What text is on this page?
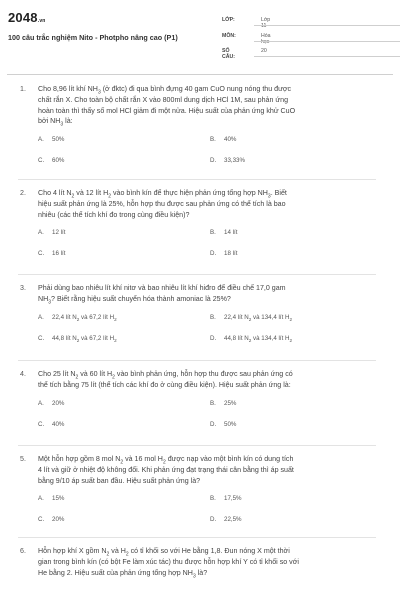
2048.vn
100 câu trắc nghiệm Nito - Photpho nâng cao (P1)
LỚP:	Lớp 11
MÔN:	Hóa học
SỐ CÂU:
20
1. Cho 8,96 lít khí $NH_3$ (ở đktc) đi qua bình đựng 40 gam CuO nung nóng thu được
chất rắn X. Cho toàn bộ chất rắn X vào 800ml dung dịch HCl 1M, sau phản ứng
hoàn toàn thì thấy số mol HCl giảm đi một nửa. Hiệu suất của phản ứng khử CuO
bởi $NH_3$ là:
A. 50%	B. 40%
C. 60%	D. 33,33%
2. Cho 4 lít $N_2$ và 12 lít $H_2$ vào bình kín để thực hiện phản ứng tổng hợp $NH_3$. Biết
hiệu suất phản ứng là 25%, hỗn hợp thu được sau phản ứng có thể tích là bao
nhiêu (các thể tích khí đo trong cùng điều kiện)?
A. 12 lít	B. 14 lít
C. 16 lít	D. 18 lít
3. Phải dùng bao nhiêu lít khí nitơ và bao nhiêu lít khí hiđro để điều chế 17,0 gam
$NH_3$? Biết rằng hiệu suất chuyển hóa thành amoniac là 25%?
A. 22,4 lít $N_2$ và 67,2 lít $H_2$	B. 22,4 lít $N_2$ và 134,4 lít $H_2$
C. 44,8 lít $N_2$ và 67,2 lít $H_2$	D. 44,8 lít $N_2$ và 134,4 lít $H_2$
4. Cho 25 lít $N_2$ và 60 lít $H_2$ vào bình phản ứng, hỗn hợp thu được sau phản ứng có
thể tích bằng 75 lít (thể tích các khí đo ở cùng điều kiện). Hiệu suất phản ứng là:
A. 20%	B. 25%
C. 40%	D. 50%
5. Một hỗn hợp gồm 8 mol $N_2$ và 16 mol $H_2$ được nạp vào một bình kín có dung tích
4 lít và giữ ở nhiệt độ không đổi. Khi phản ứng đạt trạng thái cân bằng thì áp suất
bằng 9/10 áp suất ban đầu. Hiệu suất phản ứng là?
A. 15%	B. 17,5%
C. 20%	D. 22,5%
6. Hỗn hợp khí X gồm $N_2$ và $H_2$ có tỉ khối so với He bằng 1,8. Đun nóng X một thời
gian trong bình kín (có bột Fe làm xúc tác) thu được hỗn hợp khí Y có tỉ khối so với
He bằng 2. Hiệu suất của phản ứng tổng hợp $NH_3$ là?
